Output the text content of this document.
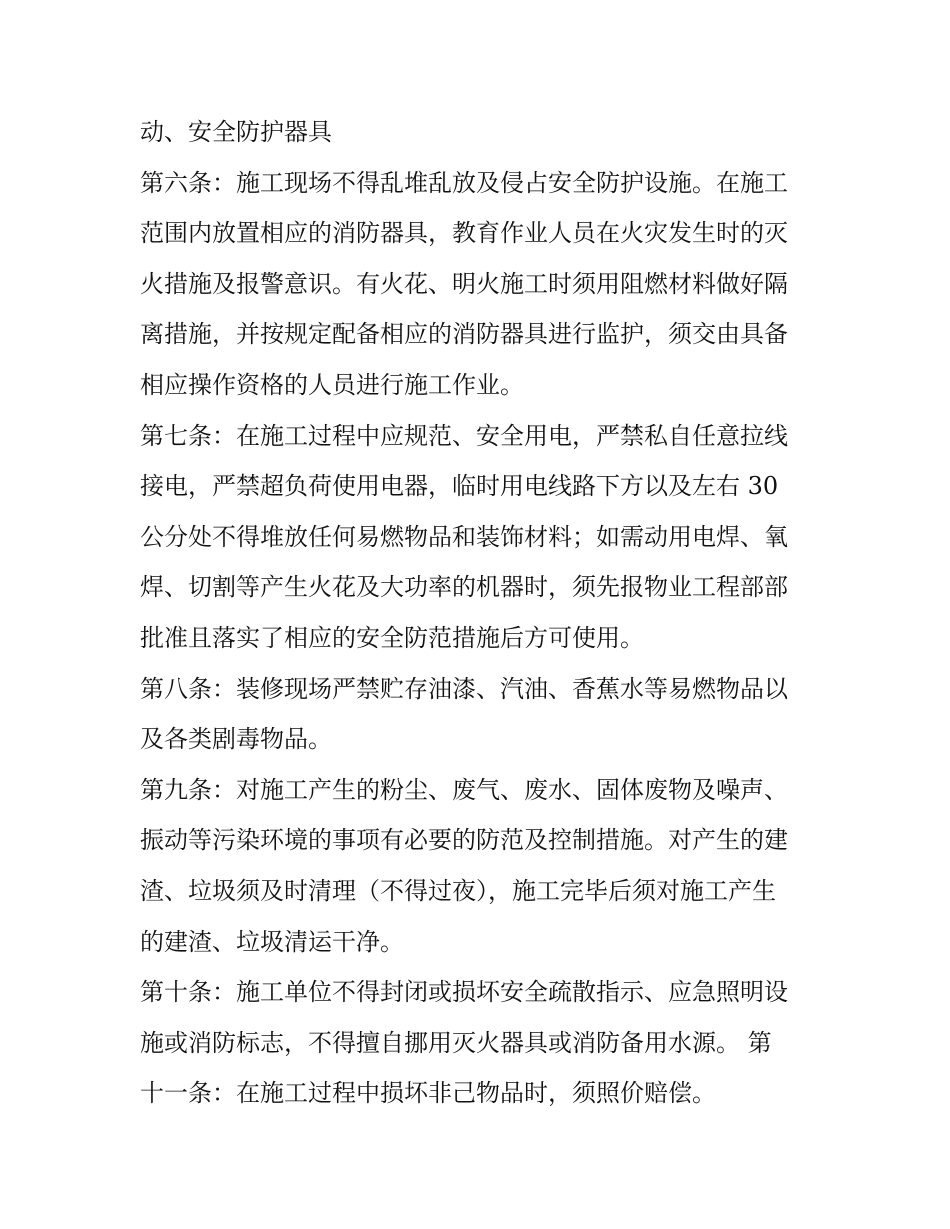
动、安全防护器具
第六条：施工现场不得乱堆乱放及侵占安全防护设施。在施工
范围内放置相应的消防器具，教育作业人员在火灾发生时的灭
火措施及报警意识。有火花、明火施工时须用阻燃材料做好隔
离措施，并按规定配备相应的消防器具进行监护，须交由具备
相应操作资格的人员进行施工作业。
第七条：在施工过程中应规范、安全用电，严禁私自任意拉线
接电，严禁超负荷使用电器，临时用电线路下方以及左右 30
公分处不得堆放任何易燃物品和装饰材料；如需动用电焊、氧
焊、切割等产生火花及大功率的机器时，须先报物业工程部部
批准且落实了相应的安全防范措施后方可使用。
第八条：装修现场严禁贮存油漆、汽油、香蕉水等易燃物品以
及各类剧毒物品。
第九条：对施工产生的粉尘、废气、废水、固体废物及噪声、
振动等污染环境的事项有必要的防范及控制措施。对产生的建
渣、垃圾须及时清理（不得过夜），施工完毕后须对施工产生
的建渣、垃圾清运干净。
第十条：施工单位不得封闭或损坏安全疏散指示、应急照明设
施或消防标志，不得擅自挪用灭火器具或消防备用水源。 第
十一条：在施工过程中损坏非己物品时，须照价赔偿。
